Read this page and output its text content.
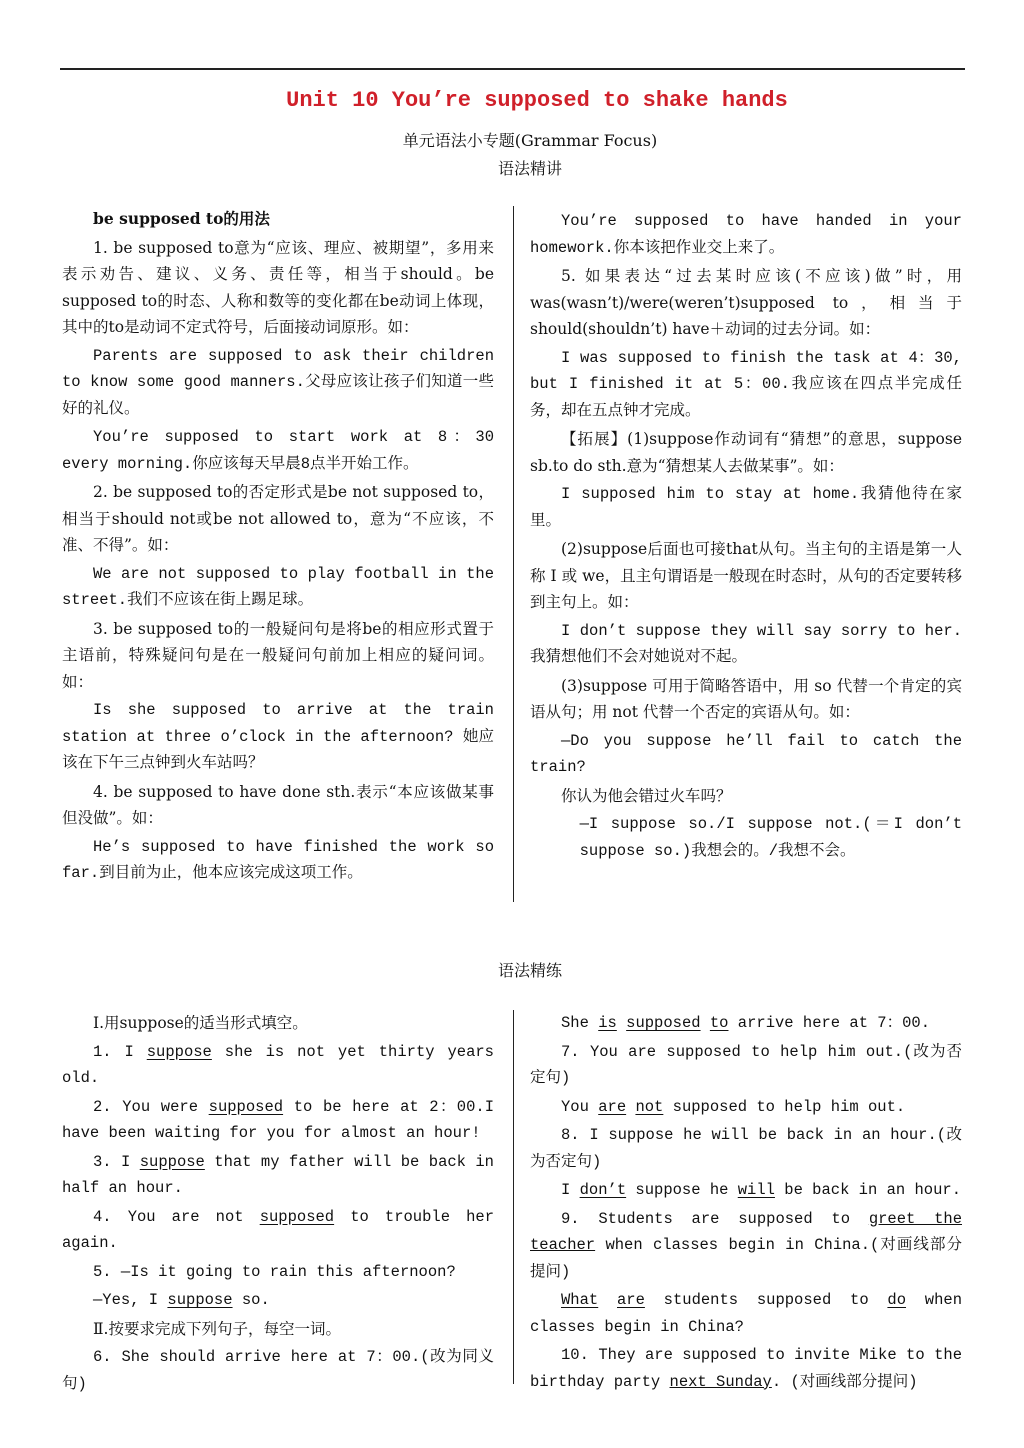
Unit 10 You’re supposed to shake hands
单元语法小专题(Grammar Focus)
语法精讲

be supposed to的用法

1. be supposed to意为“应该、理应、被期望”，多用来表示劝告、建议、义务、责任等，相当于should。be supposed to的时态、人称和数等的变化都在be动词上体现，其中的to是动词不定式符号，后面接动词原形。如：

Parents are supposed to ask their children to know some good manners.父母应该让孩子们知道一些好的礼仪。

You’re supposed to start work at 8：30 every morning.你应该每天早晨8点半开始工作。

2. be supposed to的否定形式是be not supposed to，相当于should not或be not allowed to，意为“不应该，不准、不得”。如：

We are not supposed to play football in the street.我们不应该在街上踢足球。

3. be supposed to的一般疑问句是将be的相应形式置于主语前，特殊疑问句是在一般疑问句前加上相应的疑问词。如：

Is she supposed to arrive at the train station at three o’clock in the afternoon? 她应该在下午三点钟到火车站吗？

4. be supposed to have done sth.表示“本应该做某事但没做”。如：

He’s supposed to have finished the work so far.到目前为止，他本应该完成这项工作。

You’re supposed to have handed in your homework.你本该把作业交上来了。

5. 如果表达“过去某时应该(不应该)做”时，用was(wasn’t)/were(weren’t)supposed to，相当于should(shouldn’t) have＋动词的过去分词。如：

I was supposed to finish the task at 4：30, but I finished it at 5：00.我应该在四点半完成任务，却在五点钟才完成。

【拓展】(1)suppose作动词有“猜想”的意思，suppose sb.to do sth.意为“猜想某人去做某事”。如：

I supposed him to stay at home.我猜他待在家里。

(2)suppose后面也可接that从句。当主句的主语是第一人称 I 或 we，且主句谓语是一般现在时态时，从句的否定要转移到主句上。如：

I don’t suppose they will say sorry to her.我猜想他们不会对她说对不起。

(3)suppose 可用于简略答语中，用 so 代替一个肯定的宾语从句；用 not 代替一个否定的宾语从句。如：

—Do you suppose he’ll fail to catch the train?

你认为他会错过火车吗？

—I suppose so./I suppose not.(＝I don’t suppose so.)我想会的。/我想不会。

语法精练

Ⅰ.用suppose的适当形式填空。

1. I suppose she is not yet thirty years old.

2. You were supposed to be here at 2：00.I have been waiting for you for almost an hour!

3. I suppose that my father will be back in half an hour.

4. You are not supposed to trouble her again.

5. —Is it going to rain this afternoon?

—Yes, I suppose so.

Ⅱ.按要求完成下列句子，每空一词。

6. She should arrive here at 7：00.(改为同义句)

She is supposed to arrive here at 7：00.

7. You are supposed to help him out.(改为否定句)

You are not supposed to help him out.

8. I suppose he will be back in an hour.(改为否定句)

I don’t suppose he will be back in an hour.

9. Students are supposed to greet the teacher when classes begin in China.(对画线部分提问)

What are students supposed to do when classes begin in China?

10. They are supposed to invite Mike to the birthday party next Sunday. (对画线部分提问)
